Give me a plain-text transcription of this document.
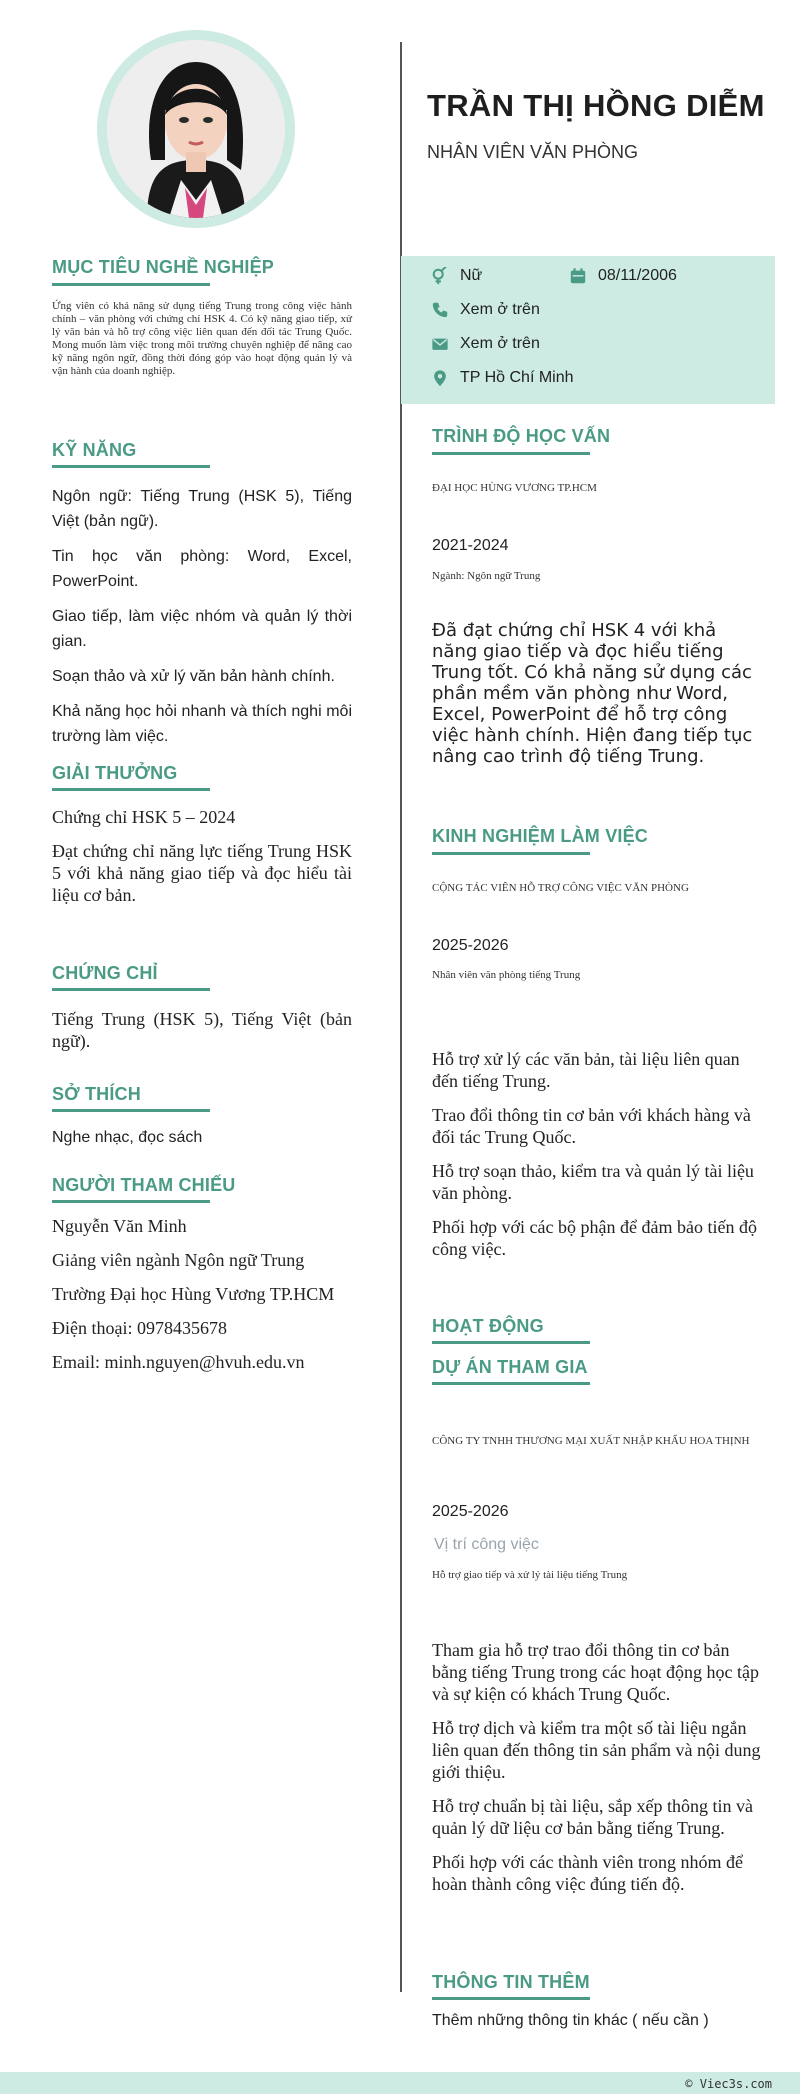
MỤC TIÊU NGHỀ NGHIỆP
Ứng viên có khả năng sử dụng tiếng Trung trong công việc hành chính – văn phòng với chứng chỉ HSK 4. Có kỹ năng giao tiếp, xử lý văn bản và hỗ trợ công việc liên quan đến đối tác Trung Quốc. Mong muốn làm việc trong môi trường chuyên nghiệp để nâng cao kỹ năng ngôn ngữ, đồng thời đóng góp vào hoạt động quản lý và vận hành của doanh nghiệp.
KỸ NĂNG

Ngôn ngữ: Tiếng Trung (HSK 5), Tiếng Việt (bản ngữ).

Tin học văn phòng: Word, Excel, PowerPoint.

Giao tiếp, làm việc nhóm và quản lý thời gian.

Soạn thảo và xử lý văn bản hành chính.

Khả năng học hỏi nhanh và thích nghi môi trường làm việc.

GIẢI THƯỞNG

Chứng chỉ HSK 5 – 2024

Đạt chứng chỉ năng lực tiếng Trung HSK 5 với khả năng giao tiếp và đọc hiểu tài liệu cơ bản.

CHỨNG CHỈ

Tiếng Trung (HSK 5), Tiếng Việt (bản ngữ).

SỞ THÍCH
Nghe nhạc, đọc sách
NGƯỜI THAM CHIẾU

Nguyễn Văn Minh

Giảng viên ngành Ngôn ngữ Trung

Trường Đại học Hùng Vương TP.HCM

Điện thoại: 0978435678

Email: minh.nguyen@hvuh.edu.vn

TRẦN THỊ HỒNG DIỄM
NHÂN VIÊN VĂN PHÒNG
Nữ	08/11/2006
Xem ở trên
Xem ở trên
TP Hồ Chí Minh
TRÌNH ĐỘ HỌC VẤN
ĐẠI HỌC HÙNG VƯƠNG TP.HCM
2021-2024
Ngành: Ngôn ngữ Trung
Đã đạt chứng chỉ HSK 4 với khả năng giao tiếp và đọc hiểu tiếng Trung tốt. Có khả năng sử dụng các phần mềm văn phòng như Word, Excel, PowerPoint để hỗ trợ công việc hành chính. Hiện đang tiếp tục nâng cao trình độ tiếng Trung.
KINH NGHIỆM LÀM VIỆC
CỘNG TÁC VIÊN HỖ TRỢ CÔNG VIỆC VĂN PHÒNG
2025-2026
Nhân viên văn phòng tiếng Trung

Hỗ trợ xử lý các văn bản, tài liệu liên quan đến tiếng Trung.

Trao đổi thông tin cơ bản với khách hàng và đối tác Trung Quốc.

Hỗ trợ soạn thảo, kiểm tra và quản lý tài liệu văn phòng.

Phối hợp với các bộ phận để đảm bảo tiến độ công việc.

HOẠT ĐỘNG
DỰ ÁN THAM GIA
CÔNG TY TNHH THƯƠNG MẠI XUẤT NHẬP KHẨU HOA THỊNH
2025-2026
Vị trí công việc
Hỗ trợ giao tiếp và xử lý tài liệu tiếng Trung

Tham gia hỗ trợ trao đổi thông tin cơ bản bằng tiếng Trung trong các hoạt động học tập và sự kiện có khách Trung Quốc.

Hỗ trợ dịch và kiểm tra một số tài liệu ngắn liên quan đến thông tin sản phẩm và nội dung giới thiệu.

Hỗ trợ chuẩn bị tài liệu, sắp xếp thông tin và quản lý dữ liệu cơ bản bằng tiếng Trung.

Phối hợp với các thành viên trong nhóm để hoàn thành công việc đúng tiến độ.

THÔNG TIN THÊM
Thêm những thông tin khác ( nếu cần )
© Viec3s.com
